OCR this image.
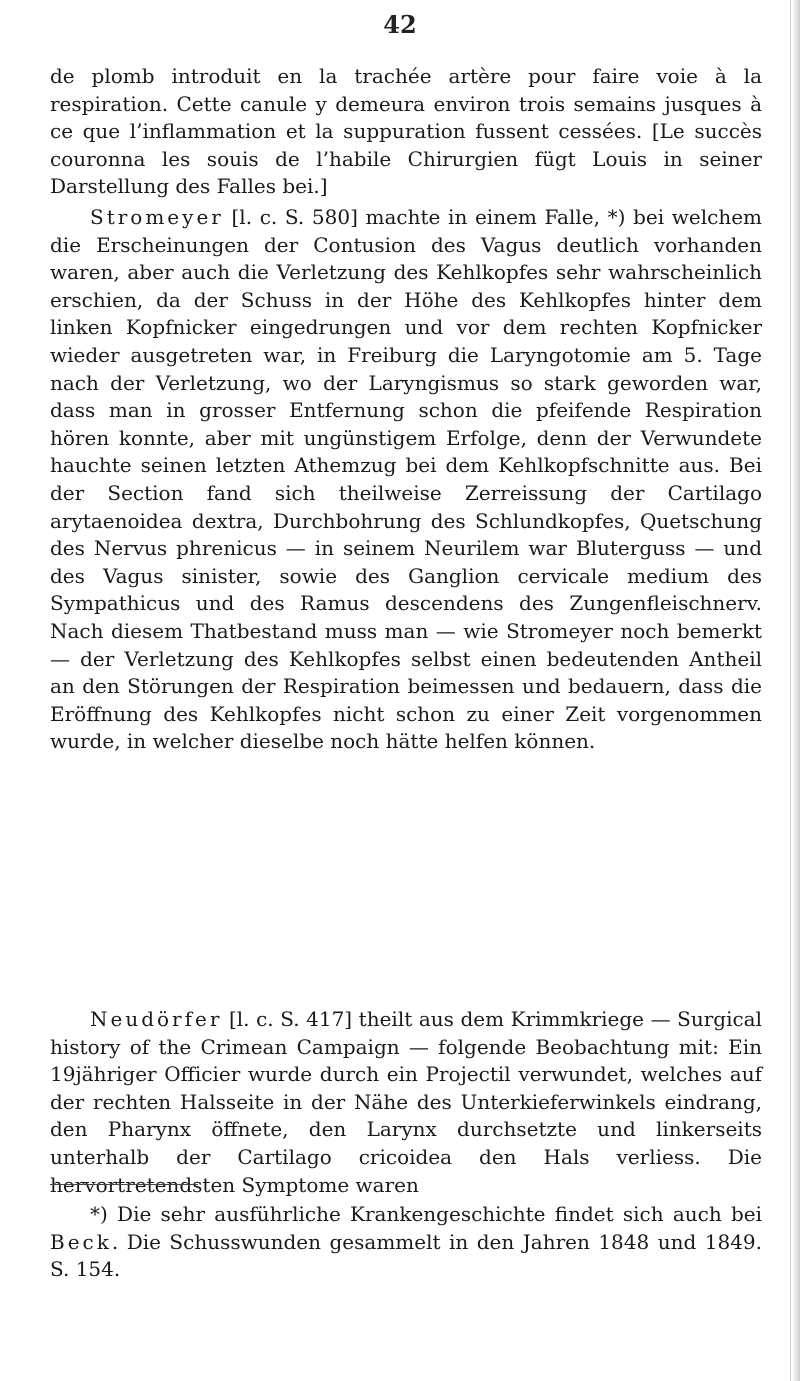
42

de plomb introduit en la trachée artère pour faire voie à la respiration. Cette canule y demeura environ trois semains jusques à ce que l’inflammation et la suppuration fussent cessées. [Le succès couronna les souis de l’habile Chirurgien fügt Louis in seiner Darstellung des Falles bei.]

Stromeyer [l. c. S. 580] machte in einem Falle, *) bei welchem die Erscheinungen der Contusion des Vagus deutlich vorhanden waren, aber auch die Verletzung des Kehlkopfes sehr wahrscheinlich erschien, da der Schuss in der Höhe des Kehlkopfes hinter dem linken Kopfnicker eingedrungen und vor dem rechten Kopfnicker wieder ausgetreten war, in Freiburg die Laryngotomie am 5. Tage nach der Verletzung, wo der Laryngismus so stark geworden war, dass man in grosser Entfernung schon die pfeifende Respiration hören konnte, aber mit ungünstigem Erfolge, denn der Verwundete hauchte seinen letzten Athemzug bei dem Kehlkopfschnitte aus. Bei der Section fand sich theilweise Zerreissung der Cartilago arytaenoidea dextra, Durchbohrung des Schlundkopfes, Quetschung des Nervus phrenicus — in seinem Neurilem war Bluterguss — und des Vagus sinister, sowie des Ganglion cervicale medium des Sympathicus und des Ramus descendens des Zungenfleischnerv. Nach diesem Thatbestand muss man — wie Stromeyer noch bemerkt — der Verletzung des Kehlkopfes selbst einen bedeutenden Antheil an den Störungen der Respiration beimessen und bedauern, dass die Eröffnung des Kehlkopfes nicht schon zu einer Zeit vorgenommen wurde, in welcher dieselbe noch hätte helfen können.

Neudörfer [l. c. S. 417] theilt aus dem Krimmkriege — Surgical history of the Crimean Campaign — folgende Beobachtung mit: Ein 19jähriger Officier wurde durch ein Projectil verwundet, welches auf der rechten Halsseite in der Nähe des Unterkieferwinkels eindrang, den Pharynx öffnete, den Larynx durchsetzte und linkerseits unterhalb der Cartilago cricoidea den Hals verliess. Die hervortretendsten Symptome waren

*) Die sehr ausführliche Krankengeschichte findet sich auch bei Beck. Die Schusswunden gesammelt in den Jahren 1848 und 1849. S. 154.
